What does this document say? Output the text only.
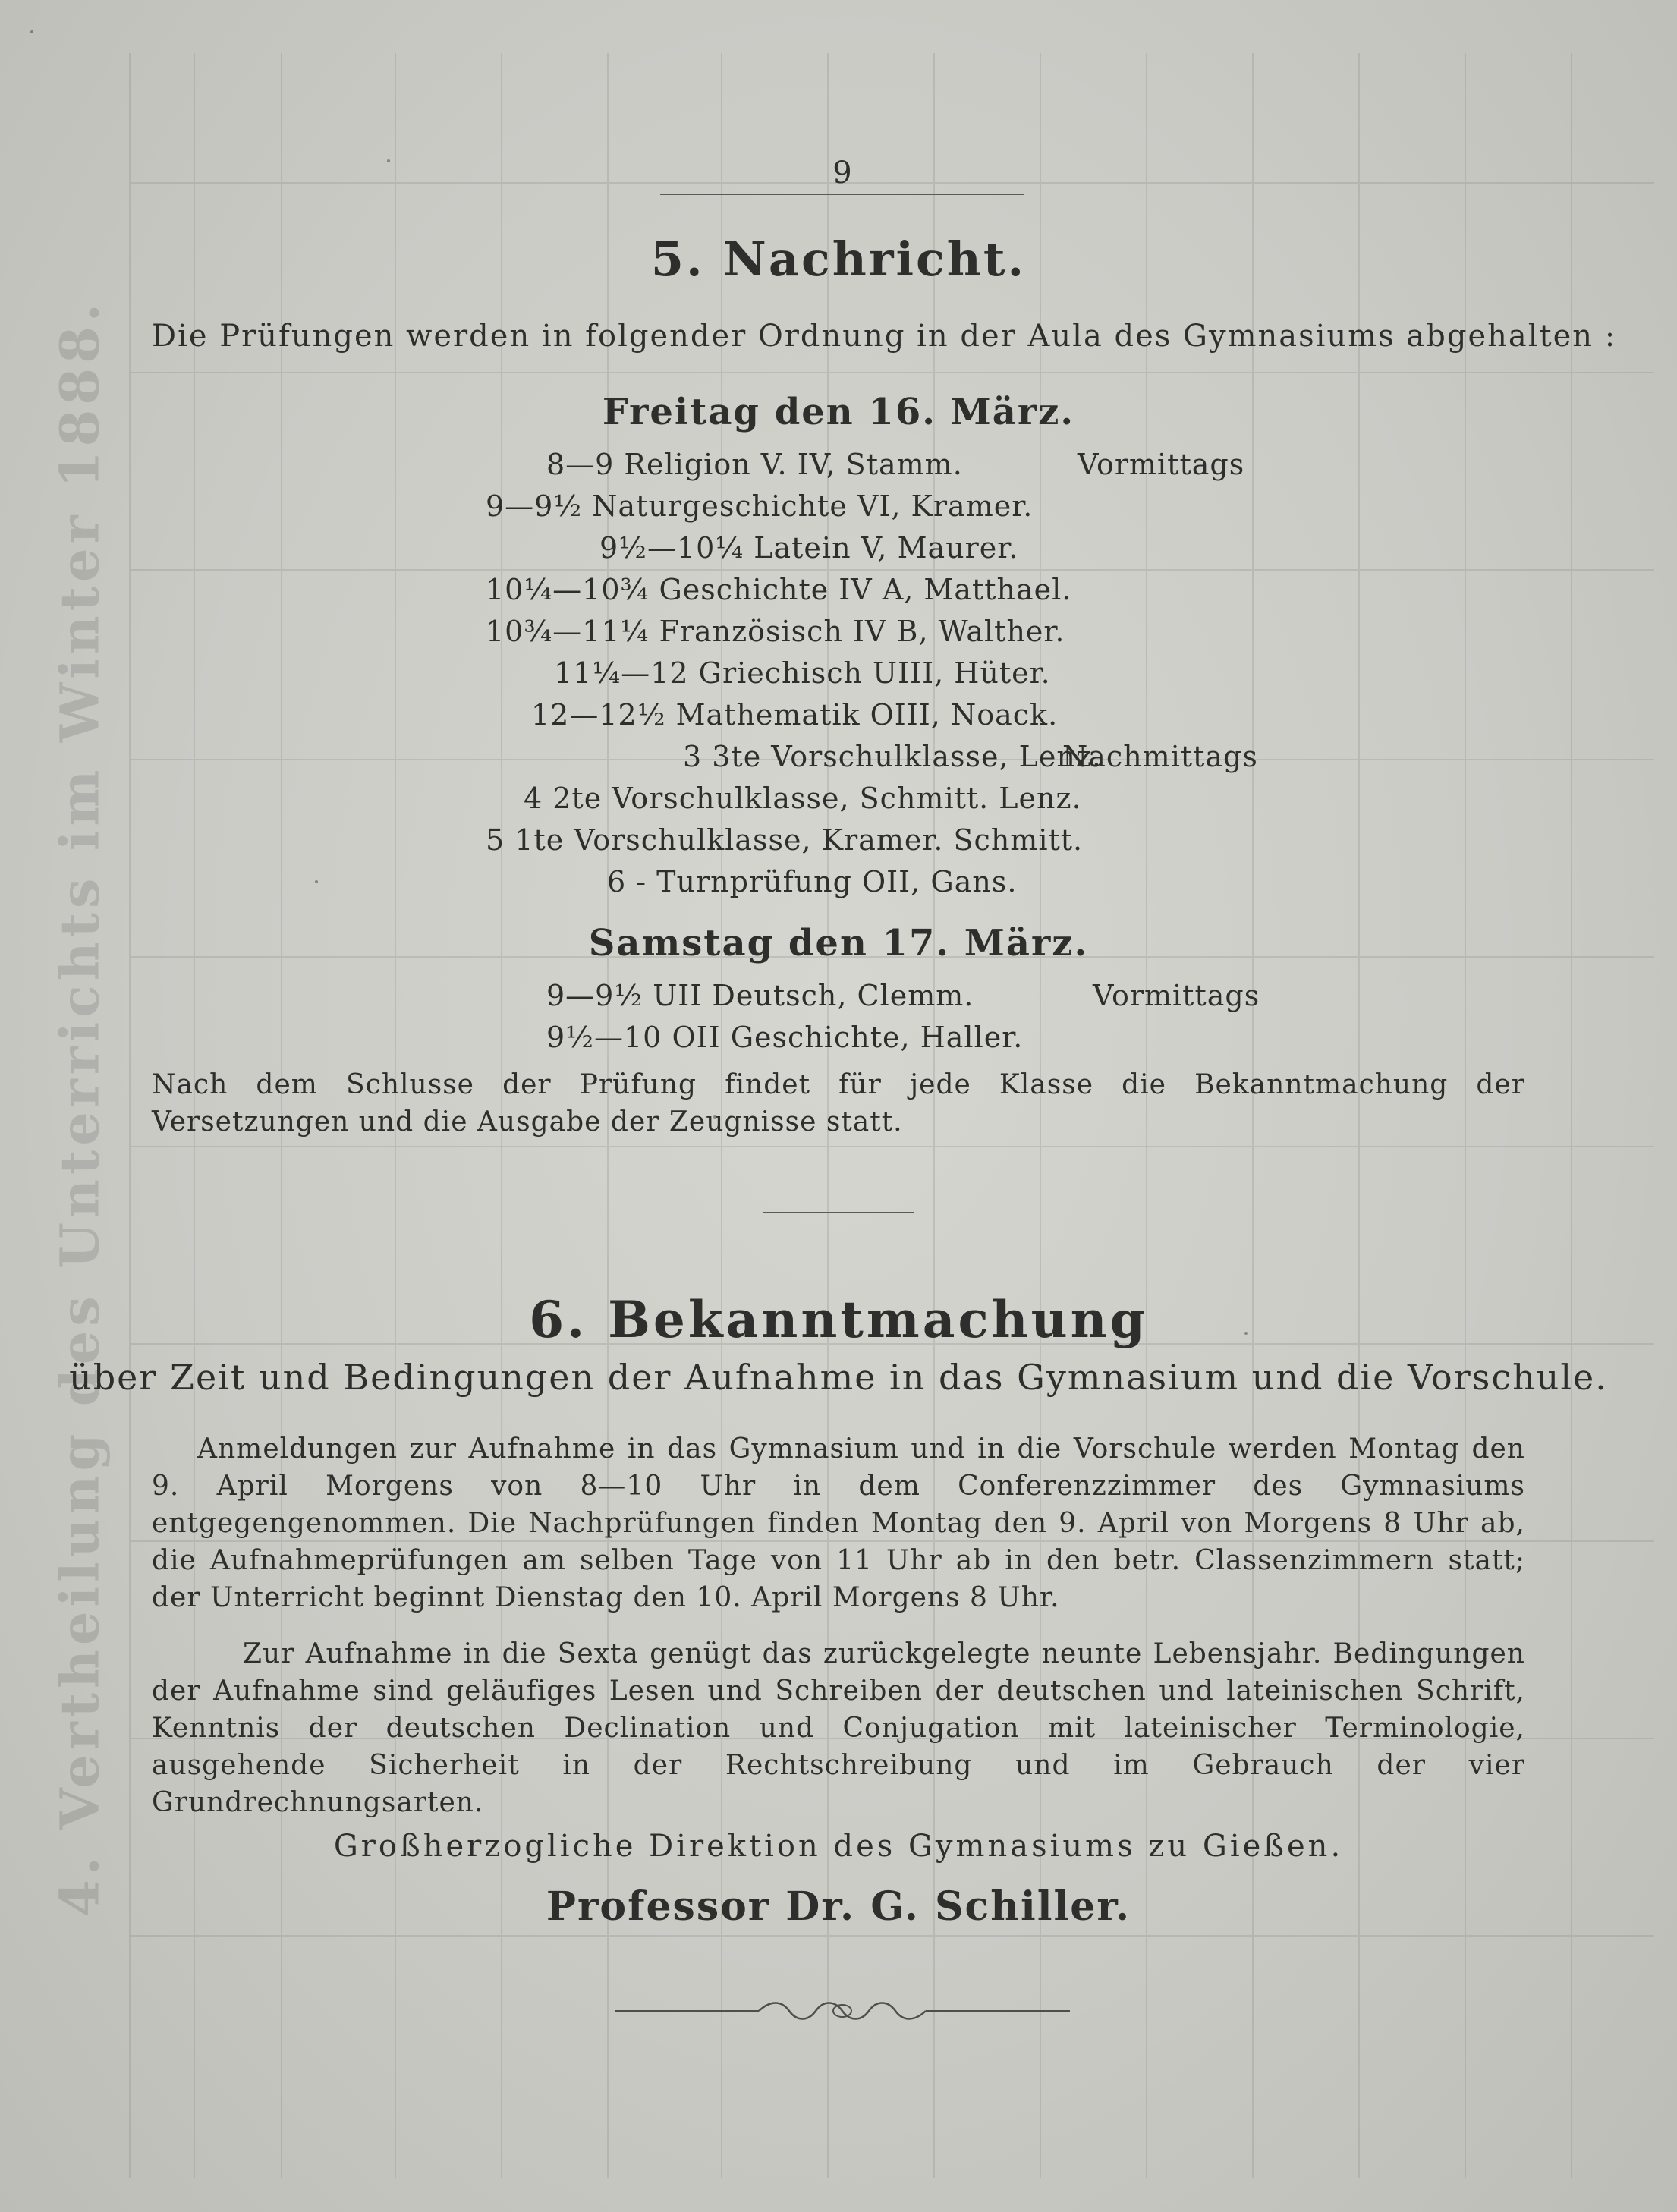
4. Vertheilung des Unterrichts im Winter 1888.
9
5. Nachricht.
Die Prüfungen werden in folgender Ordnung in der Aula des Gymnasiums abgehalten :
Freitag den 16. März.
Vormittags
8—9 Religion V. IV, Stamm.
9—9½ Naturgeschichte VI, Kramer.
9½—10¼ Latein V, Maurer.
10¼—10¾ Geschichte IV A, Matthael.
10¾—11¼ Französisch IV B, Walther.
11¼—12 Griechisch UIII, Hüter.
12—12½ Mathematik OIII, Noack.
Nachmittags
3 3te Vorschulklasse, Lenz.
4 2te Vorschulklasse, Schmitt. Lenz.
5 1te Vorschulklasse, Kramer. Schmitt.
6 - Turnprüfung OII, Gans.
Samstag den 17. März.
Vormittags
9—9½ UII Deutsch, Clemm.
9½—10 OII Geschichte, Haller.
Nach dem Schlusse der Prüfung findet für jede Klasse die Bekanntmachung der Versetzungen und die Ausgabe der Zeugnisse statt.
6. Bekanntmachung
über Zeit und Bedingungen der Aufnahme in das Gymnasium und die Vorschule.
Anmeldungen zur Aufnahme in das Gymnasium und in die Vorschule werden Montag den 9. April Morgens von 8—10 Uhr in dem Conferenzzimmer des Gymnasiums entgegengenommen. Die Nachprüfungen finden Montag den 9. April von Morgens 8 Uhr ab, die Aufnahmeprüfungen am selben Tage von 11 Uhr ab in den betr. Classenzimmern statt; der Unterricht beginnt Dienstag den 10. April Morgens 8 Uhr.
Zur Aufnahme in die Sexta genügt das zurückgelegte neunte Lebensjahr. Bedingungen der Aufnahme sind geläufiges Lesen und Schreiben der deutschen und lateinischen Schrift, Kenntnis der deutschen Declination und Conjugation mit lateinischer Terminologie, ausgehende Sicherheit in der Rechtschreibung und im Gebrauch der vier Grundrechnungsarten.
Großherzogliche Direktion des Gymnasiums zu Gießen.
Professor Dr. G. Schiller.
